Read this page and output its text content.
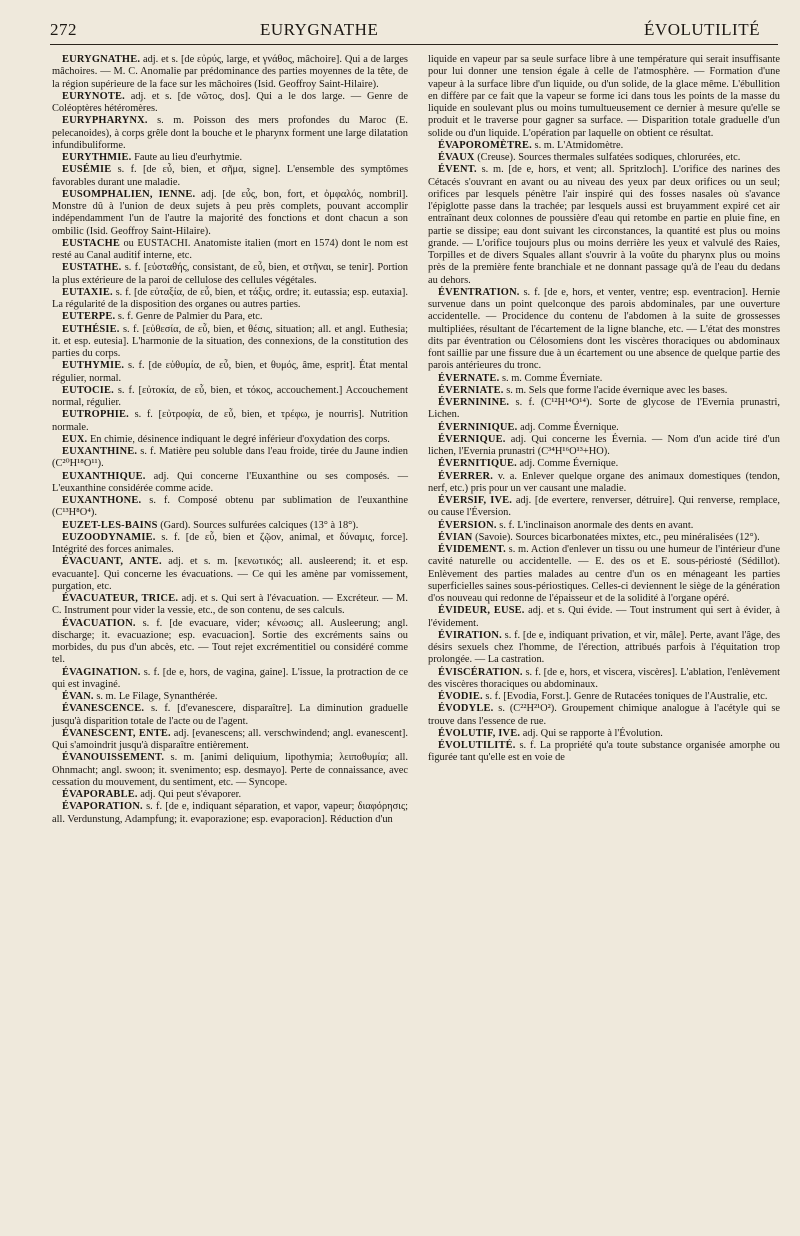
272	EURYGNATHE	ÉVOLUTILITÉ

EURYGNATHE. adj. et s. [de εὐρύς, large, et γνάθος, mâchoire]. Qui a de larges mâchoires. — M. C. Anomalie par prédominance des parties moyennes de la tête, de la région supérieure de la face sur les mâchoires (Isid. Geoffroy Saint-Hilaire).

EURYNOTE. adj. et s. [de νῶτος, dos]. Qui a le dos large. — Genre de Coléoptères hétéromères.

EURYPHARYNX. s. m. Poisson des mers profondes du Maroc (E. pelecanoides), à corps grêle dont la bouche et le pharynx forment une large dilatation infundibuliforme.

EURYTHMIE. Faute au lieu d'eurhytmie.

EUSÉMIE s. f. [de εὖ, bien, et σῆμα, signe]. L'ensemble des symptômes favorables durant une maladie.

EUSOMPHALIEN, IENNE. adj. [de εὖς, bon, fort, et ὀμφαλός, nombril]. Monstre dû à l'union de deux sujets à peu près complets, pouvant accomplir indépendamment l'un de l'autre la majorité des fonctions et dont chacun a son ombilic (Isid. Geoffroy Saint-Hilaire).

EUSTACHE ou EUSTACHI. Anatomiste italien (mort en 1574) dont le nom est resté au Canal auditif interne, etc.

EUSTATHE. s. f. [εὐσταθής, consistant, de εὖ, bien, et στῆναι, se tenir]. Portion la plus extérieure de la paroi de cellulose des cellules végétales.

EUTAXIE. s. f. [de εὐταξία, de εὖ, bien, et τάξις, ordre; it. eutassia; esp. eutaxia]. La régularité de la disposition des organes ou autres parties.

EUTERPE. s. f. Genre de Palmier du Para, etc.

EUTHÉSIE. s. f. [εὐθεσία, de εὖ, bien, et θέσις, situation; all. et angl. Euthesia; it. et esp. eutesia]. L'harmonie de la situation, des connexions, de la constitution des parties du corps.

EUTHYMIE. s. f. [de εὐθυμία, de εὖ, bien, et θυμός, âme, esprit]. État mental régulier, normal.

EUTOCIE. s. f. [εὐτοκία, de εὖ, bien, et τόκος, accouchement.] Accouchement normal, régulier.

EUTROPHIE. s. f. [εὐτροφία, de εὖ, bien, et τρέφω, je nourris]. Nutrition normale.

EUX. En chimie, désinence indiquant le degré inférieur d'oxydation des corps.

EUXANTHINE. s. f. Matière peu soluble dans l'eau froide, tirée du Jaune indien (C²⁰H¹⁸O¹¹).

EUXANTHIQUE. adj. Qui concerne l'Euxanthine ou ses composés. — L'euxanthine considérée comme acide.

EUXANTHONE. s. f. Composé obtenu par sublimation de l'euxanthine (C¹³H⁸O⁴).

EUZET-LES-BAINS (Gard). Sources sulfurées calciques (13° à 18°).

EUZOODYNAMIE. s. f. [de εὖ, bien et ζῷον, animal, et δύναμις, force]. Intégrité des forces animales.

ÉVACUANT, ANTE. adj. et s. m. [κενωτικός; all. ausleerend; it. et esp. evacuante]. Qui concerne les évacuations. — Ce qui les amène par vomissement, purgation, etc.

ÉVACUATEUR, TRICE. adj. et s. Qui sert à l'évacuation. — Excréteur. — M. C. Instrument pour vider la vessie, etc., de son contenu, de ses calculs.

ÉVACUATION. s. f. [de evacuare, vider; κένωσις; all. Ausleerung; angl. discharge; it. evacuazione; esp. evacuacion]. Sortie des excréments sains ou morbides, du pus d'un abcès, etc. — Tout rejet excrémentitiel ou considéré comme tel.

ÉVAGINATION. s. f. [de e, hors, de vagina, gaine]. L'issue, la protraction de ce qui est invaginé.

ÉVAN. s. m. Le Filage, Synanthérée.

ÉVANESCENCE. s. f. [d'evanescere, disparaître]. La diminution graduelle jusqu'à disparition totale de l'acte ou de l'agent.

ÉVANESCENT, ENTE. adj. [evanescens; all. verschwindend; angl. evanescent]. Qui s'amoindrit jusqu'à disparaître entièrement.

ÉVANOUISSEMENT. s. m. [animi deliquium, lipothymia; λειποθυμία; all. Ohnmacht; angl. swoon; it. svenimento; esp. desmayo]. Perte de connaissance, avec cessation du mouvement, du sentiment, etc. — Syncope.

ÉVAPORABLE. adj. Qui peut s'évaporer.

ÉVAPORATION. s. f. [de e, indiquant séparation, et vapor, vapeur; διαφόρησις; all. Verdunstung, Adampfung; it. evaporazione; esp. evaporacion]. Réduction d'un

liquide en vapeur par sa seule surface libre à une température qui serait insuffisante pour lui donner une tension égale à celle de l'atmosphère. — Formation d'une vapeur à la surface libre d'un liquide, ou d'un solide, de la glace même. L'ébullition en diffère par ce fait que la vapeur se forme ici dans tous les points de la masse du liquide en soulevant plus ou moins tumultueusement ce dernier à mesure qu'elle se produit et le traverse pour gagner sa surface. — Disparition totale graduelle d'un solide ou d'un liquide. L'opération par laquelle on obtient ce résultat.

ÉVAPOROMÈTRE. s. m. L'Atmidomètre.

ÉVAUX (Creuse). Sources thermales sulfatées sodiques, chlorurées, etc.

ÉVENT. s. m. [de e, hors, et vent; all. Spritzloch]. L'orifice des narines des Cétacés s'ouvrant en avant ou au niveau des yeux par deux orifices ou un seul; orifices par lesquels pénètre l'air inspiré qui des fosses nasales où s'avance l'épiglotte passe dans la trachée; par lesquels aussi est bruyamment expiré cet air entraînant deux colonnes de poussière d'eau qui retombe en partie en pluie fine, en partie se dissipe; eau dont suivant les circonstances, la quantité est plus ou moins grande. — L'orifice toujours plus ou moins derrière les yeux et valvulé des Raies, Torpilles et de divers Squales allant s'ouvrir à la voûte du pharynx plus ou moins près de la première fente branchiale et ne donnant passage qu'à de l'eau du dedans au dehors.

ÉVENTRATION. s. f. [de e, hors, et venter, ventre; esp. eventracion]. Hernie survenue dans un point quelconque des parois abdominales, par une ouverture accidentelle. — Procidence du contenu de l'abdomen à la suite de grossesses multipliées, résultant de l'écartement de la ligne blanche, etc. — L'état des monstres dits par éventration ou Célosomiens dont les viscères thoraciques ou abdominaux font saillie par une fissure due à un écartement ou une absence de quelque partie des parois antérieures du tronc.

ÉVERNATE. s. m. Comme Éverniate.

ÉVERNIATE. s. m. Sels que forme l'acide évernique avec les bases.

ÉVERNININE. s. f. (C¹²H¹⁴O¹⁴). Sorte de glycose de l'Evernia prunastri, Lichen.

ÉVERNINIQUE. adj. Comme Évernique.

ÉVERNIQUE. adj. Qui concerne les Évernia. — Nom d'un acide tiré d'un lichen, l'Evernia prunastri (C³⁴H¹⁶O¹³+HO).

ÉVERNITIQUE. adj. Comme Évernique.

ÉVERRER. v. a. Enlever quelque organe des animaux domestiques (tendon, nerf, etc.) pris pour un ver causant une maladie.

ÉVERSIF, IVE. adj. [de evertere, renverser, détruire]. Qui renverse, remplace, ou cause l'Éversion.

ÉVERSION. s. f. L'inclinaison anormale des dents en avant.

ÉVIAN (Savoie). Sources bicarbonatées mixtes, etc., peu minéralisées (12°).

ÉVIDEMENT. s. m. Action d'enlever un tissu ou une humeur de l'intérieur d'une cavité naturelle ou accidentelle. — E. des os et E. sous-périosté (Sédillot). Enlèvement des parties malades au centre d'un os en ménageant les parties superficielles saines sous-périostiques. Celles-ci deviennent le siège de la génération d'os nouveau qui redonne de l'épaisseur et de la solidité à l'organe opéré.

ÉVIDEUR, EUSE. adj. et s. Qui évide. — Tout instrument qui sert à évider, à l'évidement.

ÉVIRATION. s. f. [de e, indiquant privation, et vir, mâle]. Perte, avant l'âge, des désirs sexuels chez l'homme, de l'érection, attribués parfois à l'équitation trop prolongée. — La castration.

ÉVISCÉRATION. s. f. [de e, hors, et viscera, viscères]. L'ablation, l'enlèvement des viscères thoraciques ou abdominaux.

ÉVODIE. s. f. [Evodia, Forst.]. Genre de Rutacées toniques de l'Australie, etc.

ÉVODYLE. s. (C²²H²¹O²). Groupement chimique analogue à l'acétyle qui se trouve dans l'essence de rue.

ÉVOLUTIF, IVE. adj. Qui se rapporte à l'Évolution.

ÉVOLUTILITÉ. s. f. La propriété qu'a toute substance organisée amorphe ou figurée tant qu'elle est en voie de
